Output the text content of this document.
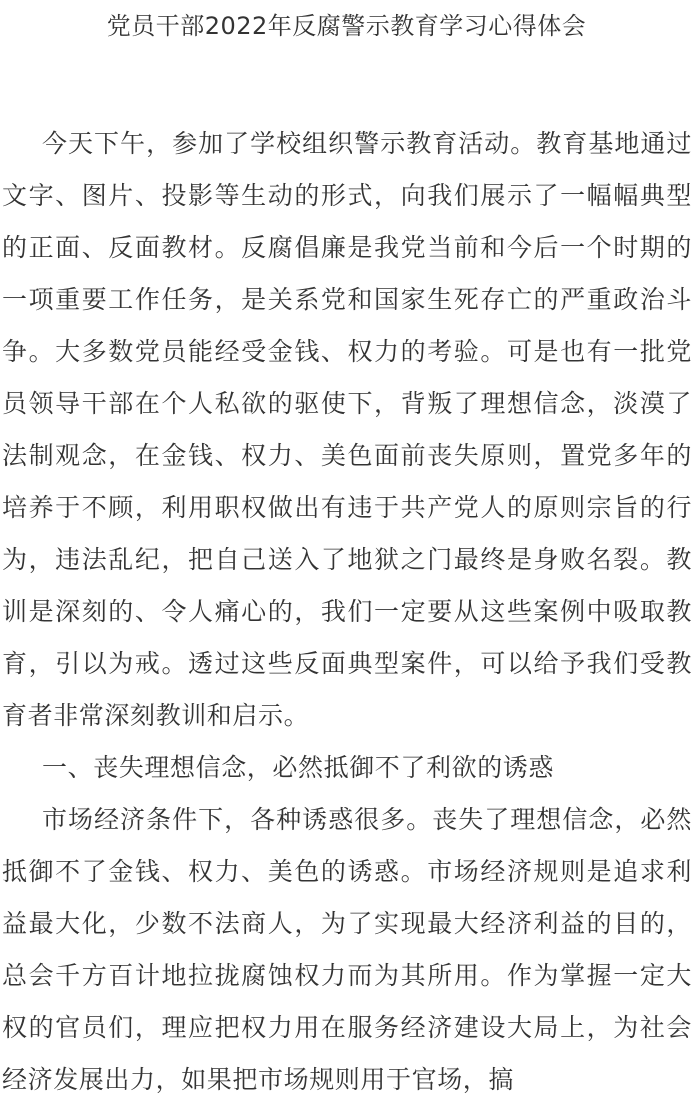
党员干部2022年反腐警示教育学习心得体会

今天下午，参加了学校组织警示教育活动。教育基地通过文字、图片、投影等生动的形式，向我们展示了一幅幅典型的正面、反面教材。反腐倡廉是我党当前和今后一个时期的一项重要工作任务，是关系党和国家生死存亡的严重政治斗争。大多数党员能经受金钱、权力的考验。可是也有一批党员领导干部在个人私欲的驱使下，背叛了理想信念，淡漠了法制观念，在金钱、权力、美色面前丧失原则，置党多年的培养于不顾，利用职权做出有违于共产党人的原则宗旨的行为，违法乱纪，把自己送入了地狱之门最终是身败名裂。教训是深刻的、令人痛心的，我们一定要从这些案例中吸取教育，引以为戒。透过这些反面典型案件，可以给予我们受教育者非常深刻教训和启示。

一、丧失理想信念，必然抵御不了利欲的诱惑

市场经济条件下，各种诱惑很多。丧失了理想信念，必然抵御不了金钱、权力、美色的诱惑。市场经济规则是追求利益最大化，少数不法商人，为了实现最大经济利益的目的，总会千方百计地拉拢腐蚀权力而为其所用。作为掌握一定大权的官员们，理应把权力用在服务经济建设大局上，为社会经济发展出力，如果把市场规则用于官场，搞
